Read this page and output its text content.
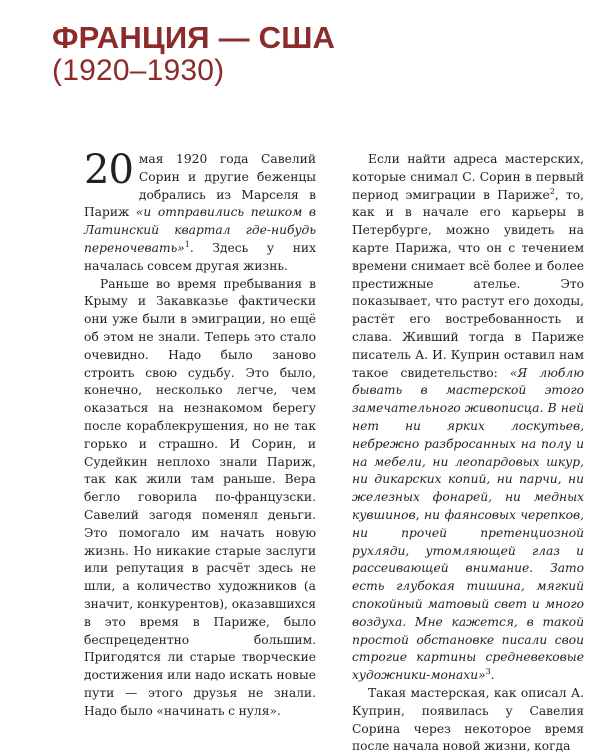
ФРАНЦИЯ — США
(1920–1930)

20 мая 1920 года Савелий Сорин и другие беженцы добрались из Марселя в Париж «и отправились пешком в Латинский квартал где-нибудь переночевать»$^1$. Здесь у них началась совсем другая жизнь.

Раньше во время пребывания в Крыму и Закавказье фактически они уже были в эмиграции, но ещё об этом не знали. Теперь это стало очевидно. Надо было заново строить свою судьбу. Это было, конечно, несколько легче, чем оказаться на незнакомом берегу после кораблекрушения, но не так горько и страшно. И Сорин, и Судейкин неплохо знали Париж, так как жили там раньше. Вера бегло говорила по-французски. Савелий загодя поменял деньги. Это помогало им начать новую жизнь. Но никакие старые заслуги или репутация в расчёт здесь не шли, а количество художников (а значит, конкурентов), оказавшихся в это время в Париже, было беспрецедентно большим. Пригодятся ли старые творческие достижения или надо искать новые пути — этого друзья не знали. Надо было «начинать с нуля».

Если найти адреса мастерских, которые снимал С. Сорин в первый период эмиграции в Париже$^2$, то, как и в начале его карьеры в Петербурге, можно увидеть на карте Парижа, что он с течением времени снимает всё более и более престижные ателье. Это показывает, что растут его доходы, растёт его востребованность и слава. Живший тогда в Париже писатель А. И. Куприн оставил нам такое свидетельство: «Я люблю бывать в мастерской этого замечательного живописца. В ней нет ни ярких лоскутьев, небрежно разбросанных на полу и на мебели, ни леопардовых шкур, ни дикарских копий, ни парчи, ни железных фонарей, ни медных кувшинов, ни фаянсовых черепков, ни прочей претенциозной рухляди, утомляющей глаз и рассеивающей внимание. Зато есть глубокая тишина, мягкий спокойный матовый свет и много воздуха. Мне кажется, в такой простой обстановке писали свои строгие картины средневековые художники-монахи»$^3$.

Такая мастерская, как описал А. Куприн, появилась у Савелия Сорина через некоторое время после начала новой жизни, когда
